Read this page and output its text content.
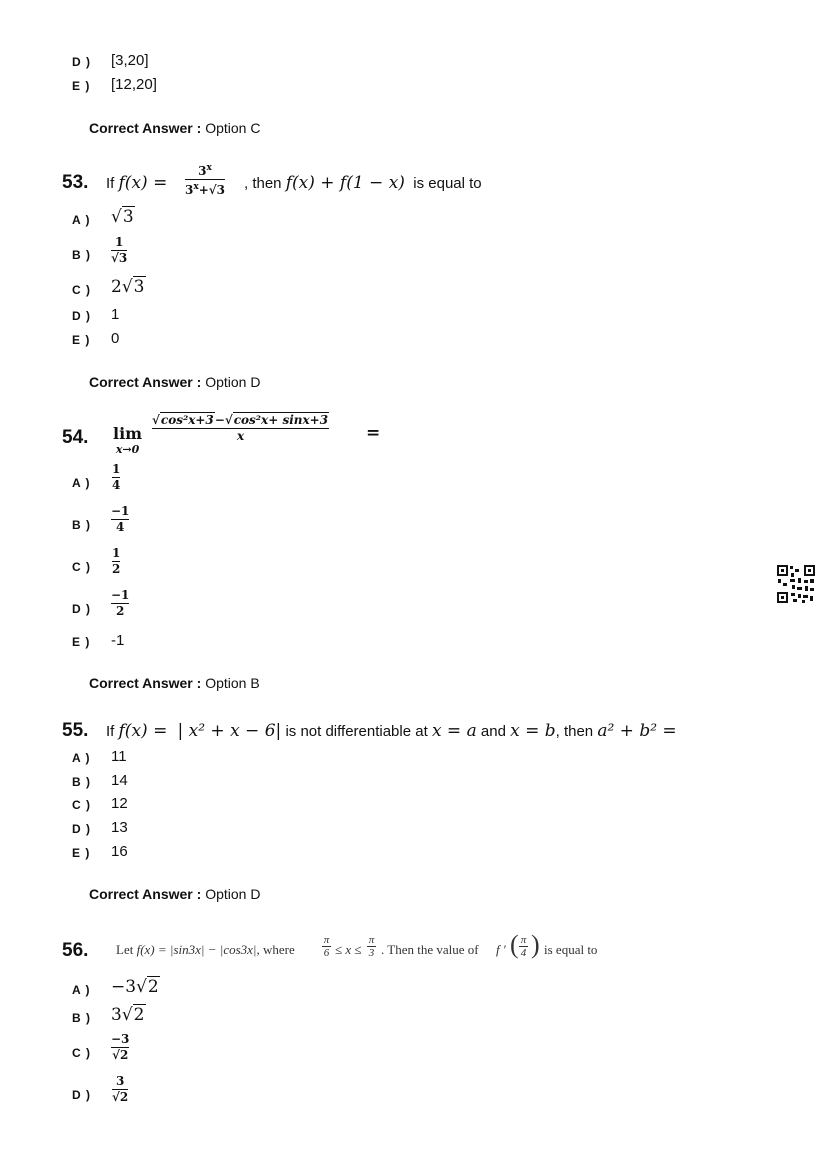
D ) [3,20]
E ) [12,20]
Correct Answer : Option C
53. If f(x) =
$3^x$
$3^x+√3$ , then f(x) + f(1 − x) is equal to
A ) √3
B )
1
√3
C ) 2√3
D ) 1
E ) 0
Correct Answer : Option D
54. lim
x→0
√cos²x+3−√cos²x+ sinx+3
x	=
A )
1
4
B )
−1
4
C )
1
2
D )
−1
2
E ) -1
Correct Answer : Option B
55. If f(x) = | x² + x − 6| is not differentiable at x = a and x = b, then a² + b² =
A ) 11
B ) 14
C ) 12
D ) 13
E ) 16
Correct Answer : Option D
56. Let f(x) = |sin3x| − |cos3x|, where
π
6 ≤ x ≤
π
3 . Then the value of f ′ ( π
4 ) is equal to
A ) −3√2
B ) 3√2
C )
−3
√2
D )
3
√2
